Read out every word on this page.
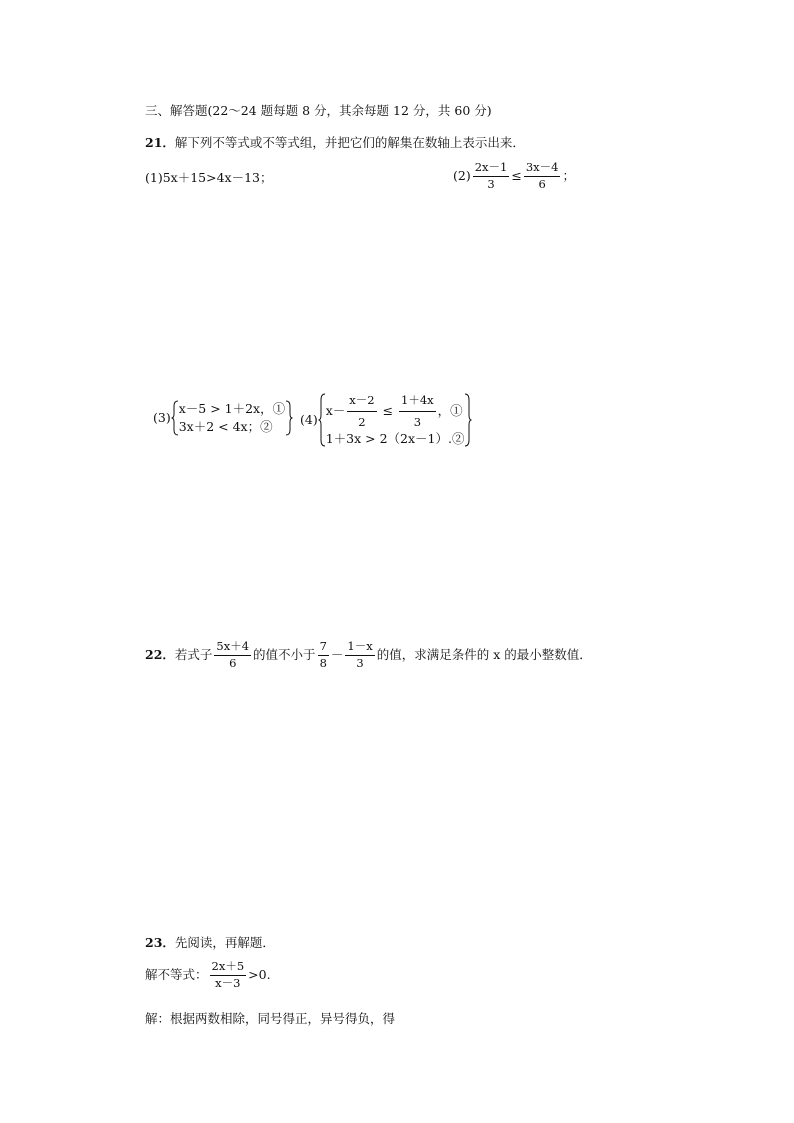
三、解答题(22～24 题每题 8 分，其余每题 12 分，共 60 分)
21．解下列不等式或不等式组，并把它们的解集在数轴上表示出来．
(1)5x＋15>4x－13；	$(2) \frac{2x-1}{3} \le \frac{3x-4}{6}$ ；
(3)
x－5 > 1＋2x，①
3x＋2 < 4x；②	(4)
$x- \frac{x-2}{2} \le \frac{1+4x}{3}$ ，①
1＋3x > 2（2x－1）.②
22．若式子 $\frac{5x+4}{6}$ 的值不小于 $\frac{7}{8} - \frac{1-x}{3}$ 的值，求满足条件的 x 的最小整数值．
23．先阅读，再解题．
解不等式： $\frac{2x+5}{x-3} >0$.
解：根据两数相除，同号得正，异号得负，得
